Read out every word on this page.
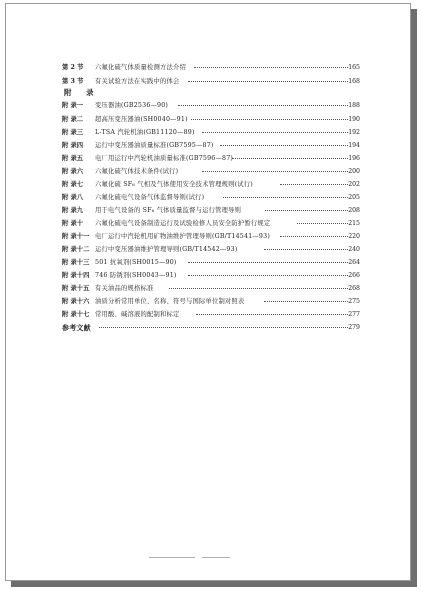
附 录
第 2 节 六氟化硫气体质量检测方法介绍	165
第 3 节 有关试验方法在实践中的体会	168
附 录一 变压器油(GB2536—90)	188
附 录二 超高压变压器油(SH0040—91)	190
附 录三 L-TSA 汽轮机油(GB11120—89)	192
附 录四 运行中变压器油质量标准(GB7595—87)	194
附 录五 电厂用运行中汽轮机油质量标准(GB7596—87)	196
附 录六 六氟化硫气体技术条件(试行)	200
附 录七 六氟化硫 SF₆ 气相及气体使用安全技术管理规则(试行)	202
附 录八 六氟化硫电气设备气体监督导则(试行)	205
附 录九 用于电气设备的 SF₆ 气体质量监督与运行管理导则	208
附 录十 六氟化硫电气设备制造运行及试验检修人员安全防护暂行规定	215
附 录十一 电厂运行中汽轮机用矿物油维护管理导则(GB/T14541—93)	220
附 录十二 运行中变压器油维护管理导则(GB/T14542—93)	240
附 录十三 501 抗氧剂(SH0015—90)	264
附 录十四 746 防锈剂(SH0043—91)	266
附 录十五 有关油品的规格标准	268
附 录十六 油质分析常用单位、名称、符号与国际单位制对照表	275
附 录十七 常用酸、碱溶液的配制和标定	277
参考文献	279
